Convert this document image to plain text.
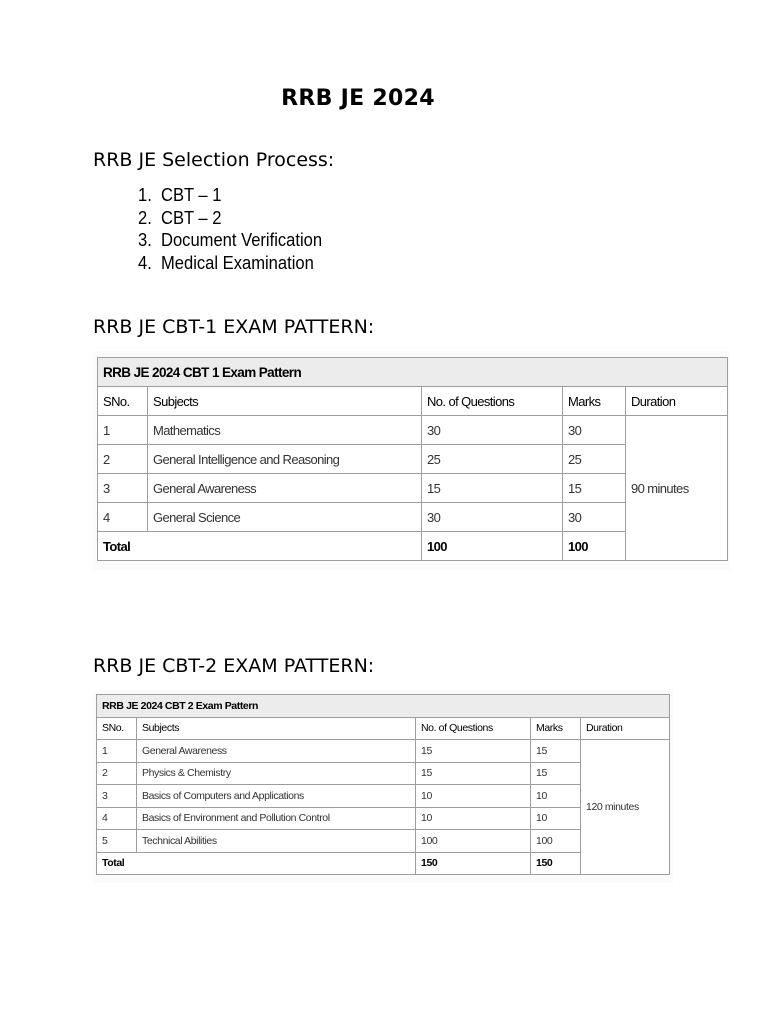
RRB JE 2024
RRB JE Selection Process:
1. CBT – 1
2. CBT – 2
3. Document Verification
4. Medical Examination
RRB JE CBT-1 EXAM PATTERN:
RRB JE 2024 CBT 1 Exam Pattern				
SNo.	Subjects	No. of Questions	Marks	Duration
1	Mathematics	30	30	90 minutes
2	General Intelligence and Reasoning	25	25	
3	General Awareness	15	15	
4	General Science	30	30	
Total		100	100	
RRB JE CBT-2 EXAM PATTERN:
RRB JE 2024 CBT 2 Exam Pattern				
SNo.	Subjects	No. of Questions	Marks	Duration
1	General Awareness	15	15	120 minutes
2	Physics & Chemistry	15	15	
3	Basics of Computers and Applications	10	10	
4	Basics of Environment and Pollution Control	10	10	
5	Technical Abilities	100	100	
Total		150	150	
